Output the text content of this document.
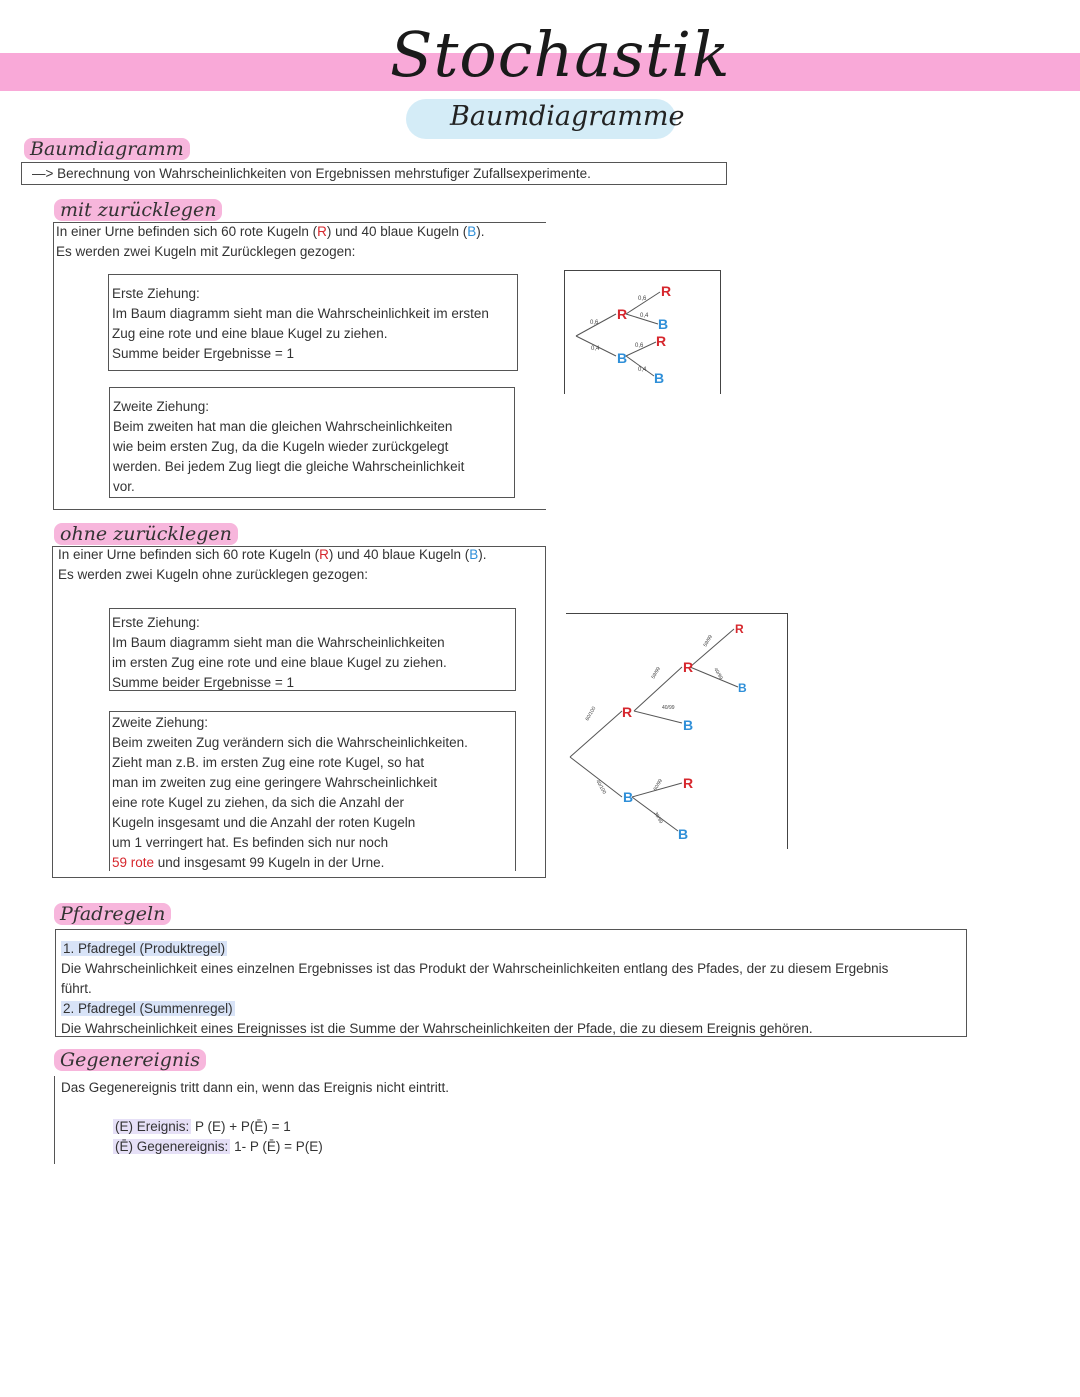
Stochastik
Baumdiagramme
Baumdiagramm
—> Berechnung von Wahrscheinlichkeiten von Ergebnissen mehrstufiger Zufallsexperimente.
mit zurücklegen
In einer Urne befinden sich 60 rote Kugeln (R) und 40 blaue Kugeln (B).
Es werden zwei Kugeln mit Zurücklegen gezogen:
Erste Ziehung:
Im Baum diagramm sieht man die Wahrscheinlichkeit im ersten
Zug eine rote und eine blaue Kugel zu ziehen.
Summe beider Ergebnisse = 1
Zweite Ziehung:
Beim zweiten hat man die gleichen Wahrscheinlichkeiten
wie beim ersten Zug, da die Kugeln wieder zurückgelegt
werden. Bei jedem Zug liegt die gleiche Wahrscheinlichkeit
vor.
R
B
R
B
R
B
0,6
0,4
0,6
0,4
0,6
0,4
ohne zurücklegen
In einer Urne befinden sich 60 rote Kugeln (R) und 40 blaue Kugeln (B).
Es werden zwei Kugeln ohne zurücklegen gezogen:
Erste Ziehung:
Im Baum diagramm sieht man die Wahrscheinlichkeiten
im ersten Zug eine rote und eine blaue Kugel zu ziehen.
Summe beider Ergebnisse = 1
Zweite Ziehung:
Beim zweiten Zug verändern sich die Wahrscheinlichkeiten.
Zieht man z.B. im ersten Zug eine rote Kugel, so hat
man im zweiten zug eine geringere Wahrscheinlichkeit
eine rote Kugel zu ziehen, da sich die Anzahl der
Kugeln insgesamt und die Anzahl der roten Kugeln
um 1 verringert hat. Es befinden sich nur noch
59 rote und insgesamt 99 Kugeln in der Urne.
R
B
R
B
R
B
R
B
60/100
40/100
59/99
40/99
60/99
39/99
59/99
40/99
Pfadregeln
1. Pfadregel (Produktregel)
Die Wahrscheinlichkeit eines einzelnen Ergebnisses ist das Produkt der Wahrscheinlichkeiten entlang des Pfades, der zu diesem Ergebnis
führt.
2. Pfadregel (Summenregel)
Die Wahrscheinlichkeit eines Ereignisses ist die Summe der Wahrscheinlichkeiten der Pfade, die zu diesem Ereignis gehören.
Gegenereignis
Das Gegenereignis tritt dann ein, wenn das Ereignis nicht eintritt.
(E) Ereignis: P (E) + P(Ē) = 1
(Ē) Gegenereignis: 1- P (Ē) = P(E)
